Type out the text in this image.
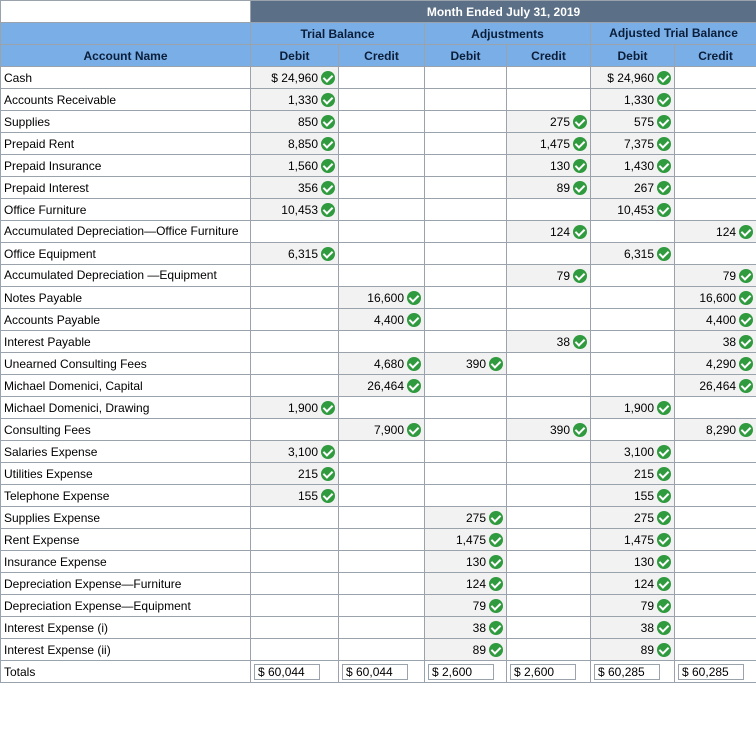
	Month Ended July 31, 2019					
	Trial Balance		Adjustments		Adjusted Trial Balance	
Account Name	Debit	Credit	Debit	Credit	Debit	Credit
Cash	$ 24,960				$ 24,960	
Accounts Receivable	1,330				1,330	
Supplies	850			275	575	
Prepaid Rent	8,850			1,475	7,375	
Prepaid Insurance	1,560			130	1,430	
Prepaid Interest	356			89	267	
Office Furniture	10,453				10,453	
Accumulated Depreciation—Office Furniture				124		124
Office Equipment	6,315				6,315	
Accumulated Depreciation —Equipment				79		79
Notes Payable		16,600				16,600
Accounts Payable		4,400				4,400
Interest Payable				38		38
Unearned Consulting Fees		4,680	390			4,290
Michael Domenici, Capital		26,464				26,464
Michael Domenici, Drawing	1,900				1,900	
Consulting Fees		7,900		390		8,290
Salaries Expense	3,100				3,100	
Utilities Expense	215				215	
Telephone Expense	155				155	
Supplies Expense			275		275	
Rent Expense			1,475		1,475	
Insurance Expense			130		130	
Depreciation Expense—Furniture			124		124	
Depreciation Expense—Equipment			79		79	
Interest Expense (i)			38		38	
Interest Expense (ii)			89		89	
Totals	$ 60,044	$ 60,044	$ 2,600	$ 2,600	$ 60,285	$ 60,285
